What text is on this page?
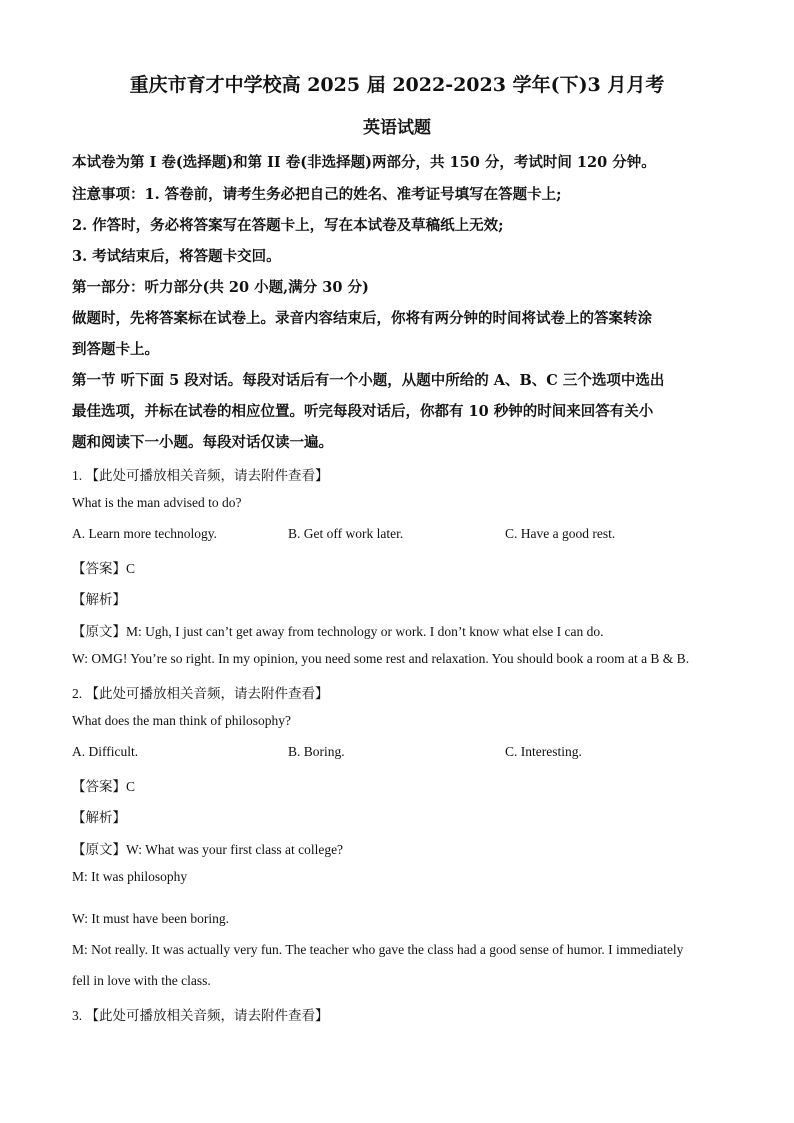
重庆市育才中学校高 2025 届 2022-2023 学年(下)3 月月考
英语试题
本试卷为第 I 卷(选择题)和第 II 卷(非选择题)两部分，共 150 分，考试时间 120 分钟。
注意事项：1. 答卷前，请考生务必把自己的姓名、准考证号填写在答题卡上;
2. 作答时，务必将答案写在答题卡上，写在本试卷及草稿纸上无效;
3. 考试结束后，将答题卡交回。
第一部分：听力部分(共 20 小题,满分 30 分)
做题时，先将答案标在试卷上。录音内容结束后，你将有两分钟的时间将试卷上的答案转涂
到答题卡上。
第一节 听下面 5 段对话。每段对话后有一个小题，从题中所给的 A、B、C 三个选项中选出
最佳选项，并标在试卷的相应位置。听完每段对话后，你都有 10 秒钟的时间来回答有关小
题和阅读下一小题。每段对话仅读一遍。
1. 【此处可播放相关音频，请去附件查看】
What is the man advised to do?
A. Learn more technology.	B. Get off work later.	C. Have a good rest.
【答案】C
【解析】
【原文】M: Ugh, I just can’t get away from technology or work. I don’t know what else I can do.
W: OMG! You’re so right. In my opinion, you need some rest and relaxation. You should book a room at a B & B.
2. 【此处可播放相关音频，请去附件查看】
What does the man think of philosophy?
A. Difficult.	B. Boring.	C. Interesting.
【答案】C
【解析】
【原文】W: What was your first class at college?
M: It was philosophy
W: It must have been boring.
M: Not really. It was actually very fun. The teacher who gave the class had a good sense of humor. I immediately
fell in love with the class.
3. 【此处可播放相关音频，请去附件查看】
